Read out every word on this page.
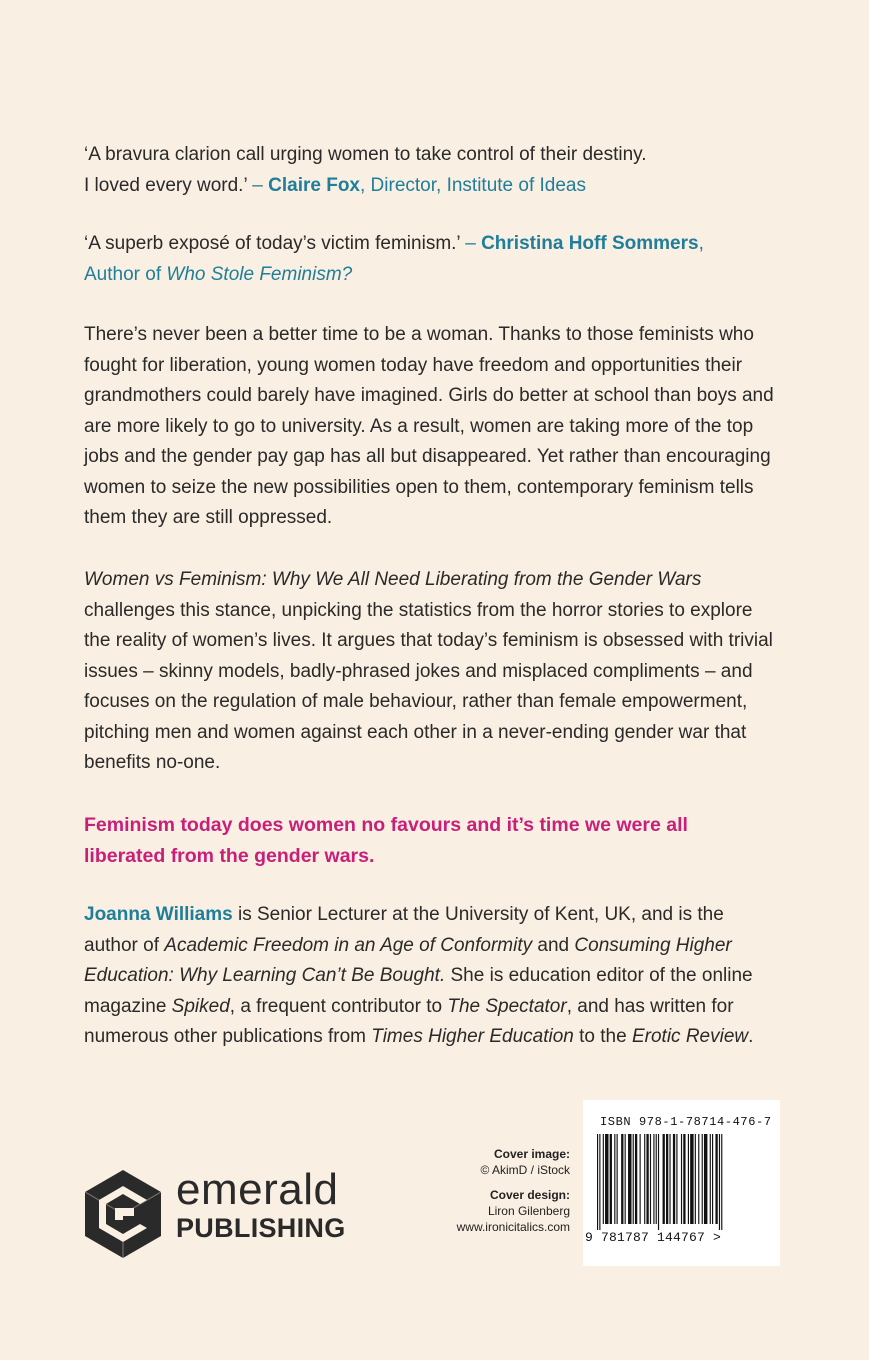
‘A bravura clarion call urging women to take control of their destiny.
I loved every word.’ – Claire Fox, Director, Institute of Ideas

‘A superb exposé of today’s victim feminism.’ – Christina Hoff Sommers,
Author of Who Stole Feminism?

There’s never been a better time to be a woman. Thanks to those feminists who fought for liberation, young women today have freedom and opportunities their grandmothers could barely have imagined. Girls do better at school than boys and are more likely to go to university. As a result, women are taking more of the top jobs and the gender pay gap has all but disappeared. Yet rather than encouraging women to seize the new possibilities open to them, contemporary feminism tells them they are still oppressed.

Women vs Feminism: Why We All Need Liberating from the Gender Wars challenges this stance, unpicking the statistics from the horror stories to explore the reality of women’s lives. It argues that today’s feminism is obsessed with trivial issues – skinny models, badly-phrased jokes and misplaced compliments – and focuses on the regulation of male behaviour, rather than female empowerment, pitching men and women against each other in a never-ending gender war that benefits no-one.

Feminism today does women no favours and it’s time we were all liberated from the gender wars.

Joanna Williams is Senior Lecturer at the University of Kent, UK, and is the author of Academic Freedom in an Age of Conformity and Consuming Higher Education: Why Learning Can’t Be Bought. She is education editor of the online magazine Spiked, a frequent contributor to The Spectator, and has written for numerous other publications from Times Higher Education to the Erotic Review.

emerald
PUBLISHING
Cover image:
© AkimD / iStock
Cover design:
Liron Gilenberg
www.ironicitalics.com
ISBN 978-1-78714-476-7
9 781787 144767 >
